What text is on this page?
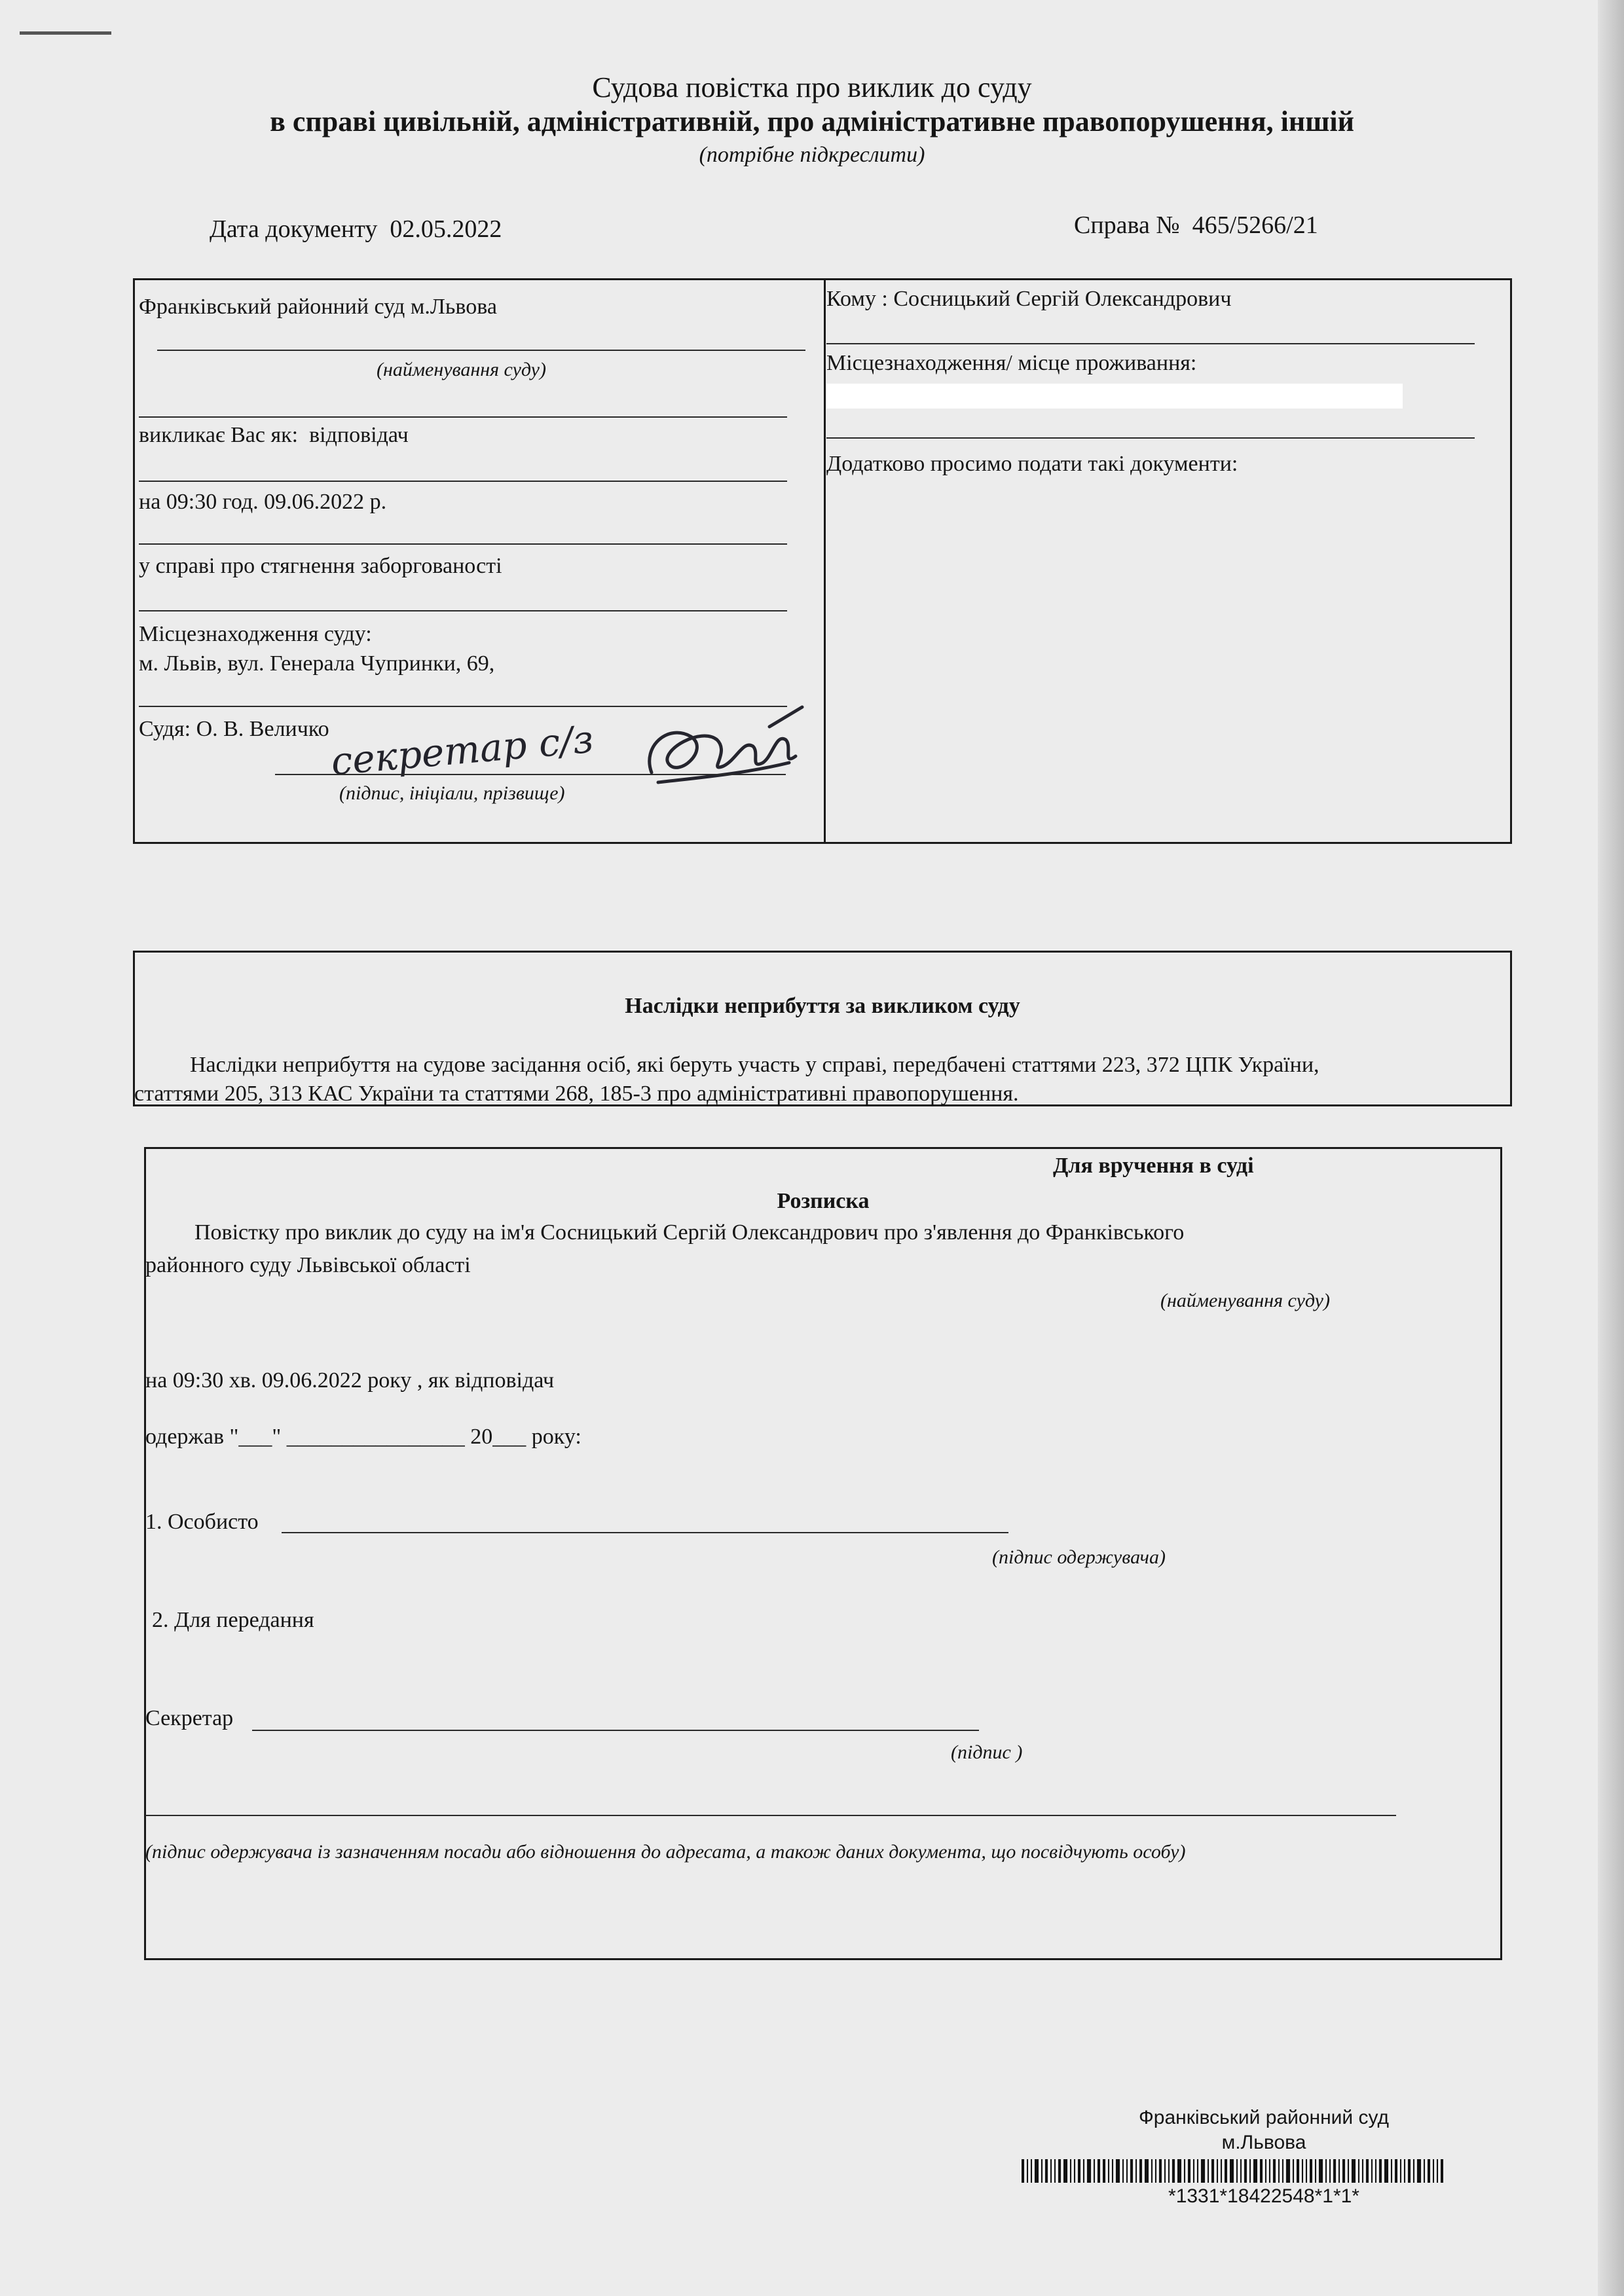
Судова повістка про виклик до суду
в справі цивільній, адміністративній, про адміністративне правопорушення, іншій
(потрібне підкреслити)
Дата документу 02.05.2022	Справа № 465/5266/21
Франківський районний суд м.Львова
(найменування суду)
викликає Вас як: відповідач
на 09:30 год. 09.06.2022 р.
у справі про стягнення заборгованості
Місцезнаходження суду:
м. Львів, вул. Генерала Чупринки, 69,
Судя: О. В. Величко секретар с/з
(підпис, ініціали, прізвище)
Кому : Сосницький Сергій Олександрович
Місцезнаходження/ місце проживання:
Додатково просимо подати такі документи:
Наслідки неприбуття за викликом суду
Наслідки неприбуття на судове засідання осіб, які беруть участь у справі, передбачені статтями 223, 372 ЦПК України,
статтями 205, 313 КАС України та статтями 268, 185-3 про адміністративні правопорушення.
Для вручення в суді
Розписка
Повістку про виклик до суду на ім'я Сосницький Сергій Олександрович про з'явлення до Франківського
районного суду Львівської області
(найменування суду)
на 09:30 хв. 09.06.2022 року , як відповідач
одержав "___" ________________ 20___ року:
1. Особисто
(підпис одержувача)
2. Для передання
Секретар
(підпис )
(підпис одержувача із зазначенням посади або відношення до адресата, а також даних документа, що посвідчують особу)
Франківський районний суд
м.Львова
*1331*18422548*1*1*
